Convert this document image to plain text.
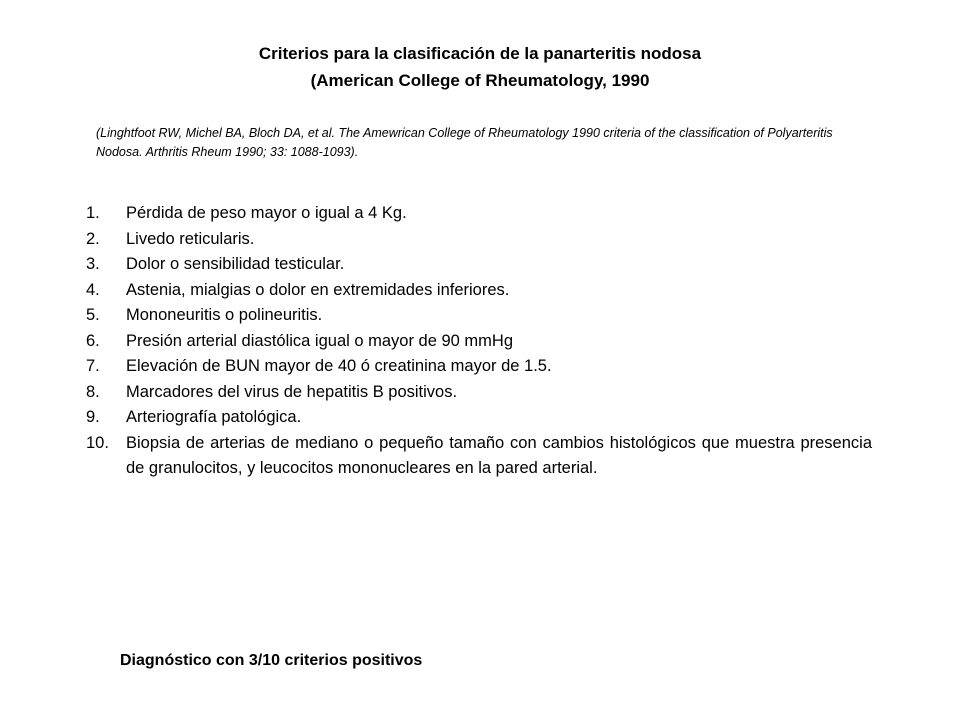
Criterios para la clasificación de la panarteritis nodosa
(American College of Rheumatology, 1990
(Linghtfoot RW, Michel BA, Bloch DA, et al. The Amewrican College of Rheumatology 1990 criteria of the classification of Polyarteritis Nodosa. Arthritis Rheum 1990; 33: 1088-1093).
1.	Pérdida de peso mayor o igual a 4 Kg.
2.	Livedo reticularis.
3.	Dolor o sensibilidad testicular.
4.	Astenia, mialgias o dolor en extremidades inferiores.
5.	Mononeuritis o polineuritis.
6.	Presión arterial diastólica igual o mayor de 90 mmHg
7.	Elevación de BUN mayor de 40 ó creatinina mayor de 1.5.
8.	Marcadores del virus de hepatitis B positivos.
9.	Arteriografía patológica.
10.	Biopsia de arterias de mediano o pequeño tamaño con cambios histológicos que muestra presencia de granulocitos, y leucocitos mononucleares en la pared arterial.
Diagnóstico con 3/10 criterios positivos
